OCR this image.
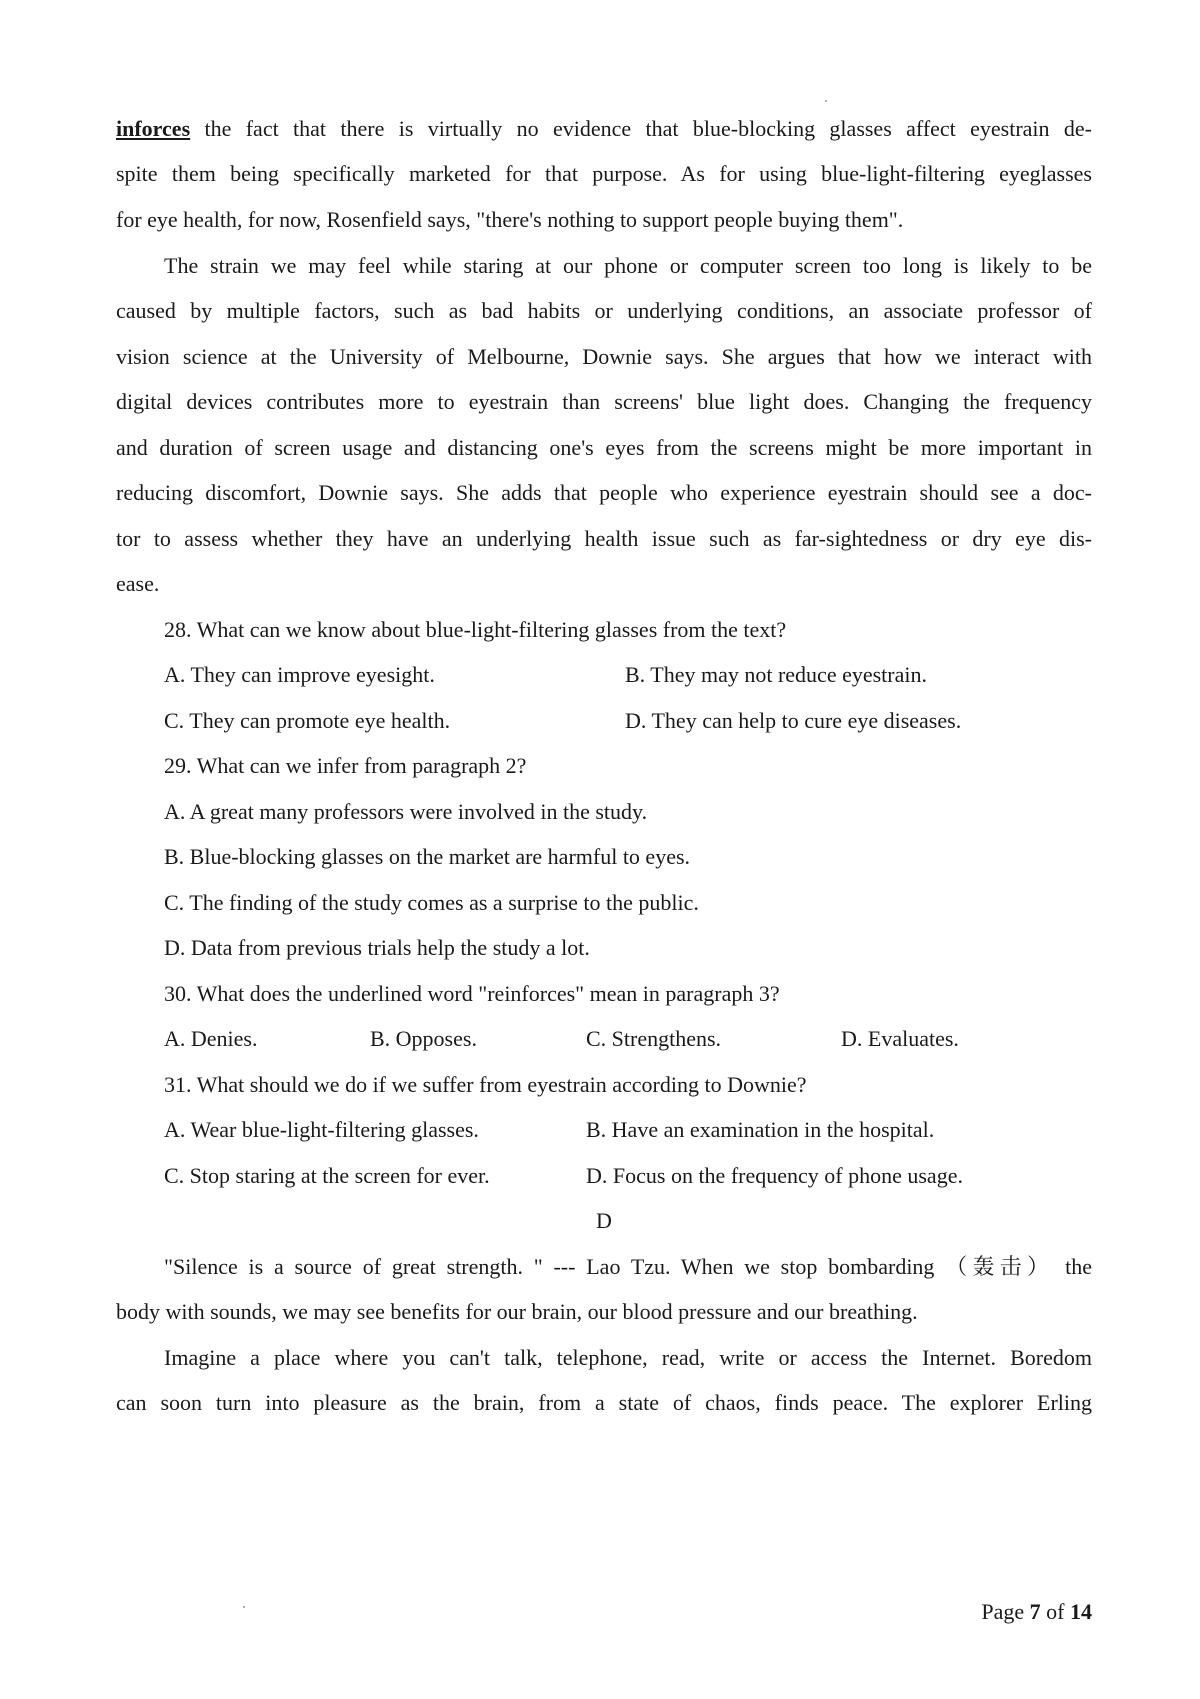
inforces the fact that there is virtually no evidence that blue-blocking glasses affect eyestrain de-
spite them being specifically marketed for that purpose. As for using blue-light-filtering eyeglasses
for eye health, for now, Rosenfield says, "there's nothing to support people buying them".
The strain we may feel while staring at our phone or computer screen too long is likely to be
caused by multiple factors, such as bad habits or underlying conditions, an associate professor of
vision science at the University of Melbourne, Downie says. She argues that how we interact with
digital devices contributes more to eyestrain than screens' blue light does. Changing the frequency
and duration of screen usage and distancing one's eyes from the screens might be more important in
reducing discomfort, Downie says. She adds that people who experience eyestrain should see a doc-
tor to assess whether they have an underlying health issue such as far-sightedness or dry eye dis-
ease.
28. What can we know about blue-light-filtering glasses from the text?
A. They can improve eyesight.	B. They may not reduce eyestrain.
C. They can promote eye health.	D. They can help to cure eye diseases.
29. What can we infer from paragraph 2?
A. A great many professors were involved in the study.
B. Blue-blocking glasses on the market are harmful to eyes.
C. The finding of the study comes as a surprise to the public.
D. Data from previous trials help the study a lot.
30. What does the underlined word "reinforces" mean in paragraph 3?
A. Denies.	B. Opposes.	C. Strengthens.	D. Evaluates.
31. What should we do if we suffer from eyestrain according to Downie?
A. Wear blue-light-filtering glasses.	B. Have an examination in the hospital.
C. Stop staring at the screen for ever.	D. Focus on the frequency of phone usage.
D
"Silence is a source of great strength. " --- Lao Tzu. When we stop bombarding （轰击） the
body with sounds, we may see benefits for our brain, our blood pressure and our breathing.
Imagine a place where you can't talk, telephone, read, write or access the Internet. Boredom
can soon turn into pleasure as the brain, from a state of chaos, finds peace. The explorer Erling
Page 7 of 14
